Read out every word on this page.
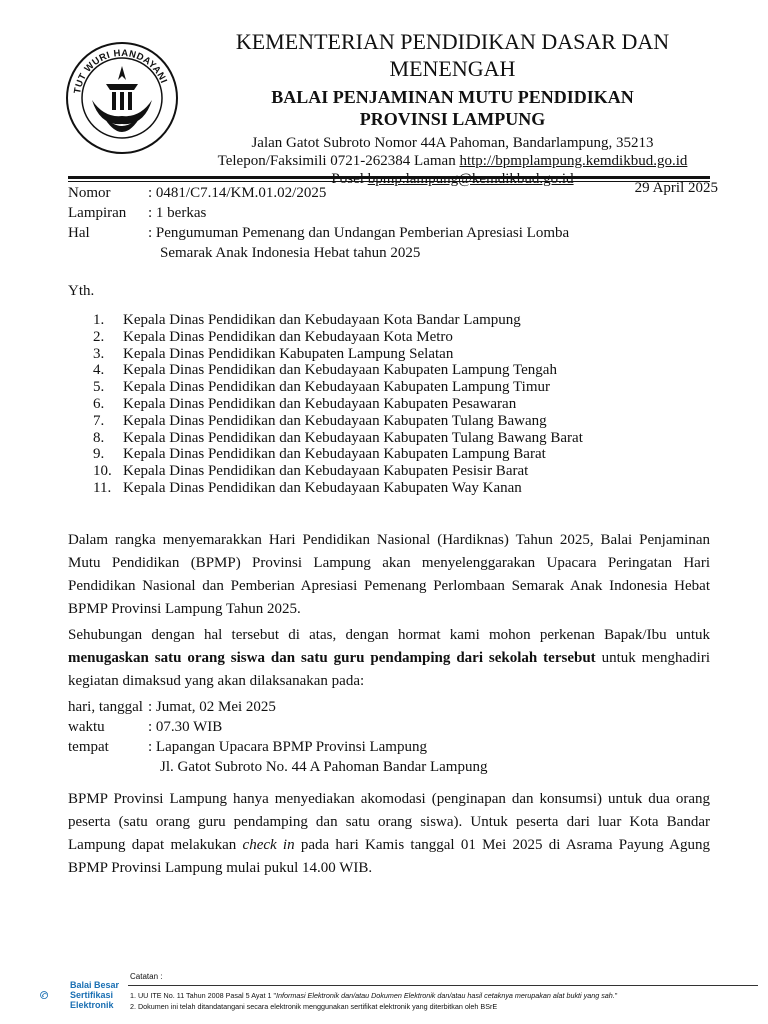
TUT WURI HANDAYANI
KEMENTERIAN PENDIDIKAN DASAR DAN MENENGAH
BALAI PENJAMINAN MUTU PENDIDIKAN
PROVINSI LAMPUNG
Jalan Gatot Subroto Nomor 44A Pahoman, Bandarlampung, 35213
Telepon/Faksimili 0721-262384 Laman http://bpmplampung.kemdikbud.go.id
Posel bpmp.lampung@kemdikbud.go.id
Nomor	: 0481/C7.14/KM.01.02/2025
Lampiran	: 1 berkas
Hal	: Pengumuman Pemenang dan Undangan Pemberian Apresiasi Lomba
Semarak Anak Indonesia Hebat tahun 2025
29 April 2025
Yth.
1.	Kepala Dinas Pendidikan dan Kebudayaan Kota Bandar Lampung
2.	Kepala Dinas Pendidikan dan Kebudayaan Kota Metro
3.	Kepala Dinas Pendidikan Kabupaten Lampung Selatan
4.	Kepala Dinas Pendidikan dan Kebudayaan Kabupaten Lampung Tengah
5.	Kepala Dinas Pendidikan dan Kebudayaan Kabupaten Lampung Timur
6.	Kepala Dinas Pendidikan dan Kebudayaan Kabupaten Pesawaran
7.	Kepala Dinas Pendidikan dan Kebudayaan Kabupaten Tulang Bawang
8.	Kepala Dinas Pendidikan dan Kebudayaan Kabupaten Tulang Bawang Barat
9.	Kepala Dinas Pendidikan dan Kebudayaan Kabupaten Lampung Barat
10. Kepala Dinas Pendidikan dan Kebudayaan Kabupaten Pesisir Barat
11. Kepala Dinas Pendidikan dan Kebudayaan Kabupaten Way Kanan

Dalam rangka menyemarakkan Hari Pendidikan Nasional (Hardiknas) Tahun 2025, Balai Penjaminan Mutu Pendidikan (BPMP) Provinsi Lampung akan menyelenggarakan Upacara Peringatan Hari Pendidikan Nasional dan Pemberian Apresiasi Pemenang Perlombaan Semarak Anak Indonesia Hebat BPMP Provinsi Lampung Tahun 2025.

Sehubungan dengan hal tersebut di atas, dengan hormat kami mohon perkenan Bapak/Ibu untuk menugaskan satu orang siswa dan satu guru pendamping dari sekolah tersebut untuk menghadiri kegiatan dimaksud yang akan dilaksanakan pada:

hari, tanggal : Jumat, 02 Mei 2025
waktu	: 07.30 WIB
tempat	: Lapangan Upacara BPMP Provinsi Lampung
Jl. Gatot Subroto No. 44 A Pahoman Bandar Lampung

BPMP Provinsi Lampung hanya menyediakan akomodasi (penginapan dan konsumsi) untuk dua orang peserta (satu orang guru pendamping dan satu orang siswa). Untuk peserta dari luar Kota Bandar Lampung dapat melakukan check in pada hari Kamis tanggal 01 Mei 2025 di Asrama Payung Agung BPMP Provinsi Lampung mulai pukul 14.00 WIB.

Balai Besar
Sertifikasi
Elektronik
Catatan :
1. UU ITE No. 11 Tahun 2008 Pasal 5 Ayat 1 "Informasi Elektronik dan/atau Dokumen Elektronik dan/atau hasil cetaknya merupakan alat bukti yang sah."
2. Dokumen ini telah ditandatangani secara elektronik menggunakan sertifikat elektronik yang diterbitkan oleh BSrE
